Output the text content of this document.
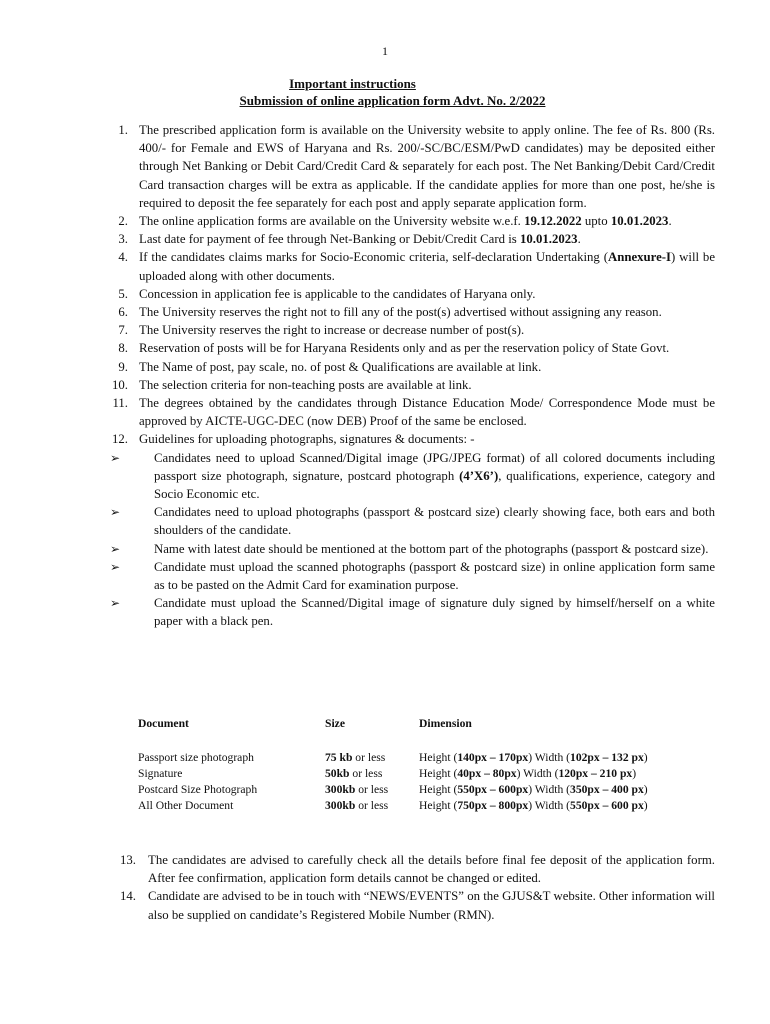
1
Important instructions
Submission of online application form Advt. No. 2/2022
1. The prescribed application form is available on the University website to apply online. The fee of Rs. 800 (Rs. 400/- for Female and EWS of Haryana and Rs. 200/-SC/BC/ESM/PwD candidates) may be deposited either through Net Banking or Debit Card/Credit Card & separately for each post. The Net Banking/Debit Card/Credit Card transaction charges will be extra as applicable. If the candidate applies for more than one post, he/she is required to deposit the fee separately for each post and apply separate application form.
2. The online application forms are available on the University website w.e.f. 19.12.2022 upto 10.01.2023.
3. Last date for payment of fee through Net-Banking or Debit/Credit Card is 10.01.2023.
4. If the candidates claims marks for Socio-Economic criteria, self-declaration Undertaking (Annexure-I) will be uploaded along with other documents.
5. Concession in application fee is applicable to the candidates of Haryana only.
6. The University reserves the right not to fill any of the post(s) advertised without assigning any reason.
7. The University reserves the right to increase or decrease number of post(s).
8. Reservation of posts will be for Haryana Residents only and as per the reservation policy of State Govt.
9. The Name of post, pay scale, no. of post & Qualifications are available at link.
10. The selection criteria for non-teaching posts are available at link.
11. The degrees obtained by the candidates through Distance Education Mode/ Correspondence Mode must be approved by AICTE-UGC-DEC (now DEB) Proof of the same be enclosed.
12. Guidelines for uploading photographs, signatures & documents: -
➢	Candidates need to upload Scanned/Digital image (JPG/JPEG format) of all colored documents including passport size photograph, signature, postcard photograph (4’X6’), qualifications, experience, category and Socio Economic etc.
➢	Candidates need to upload photographs (passport & postcard size) clearly showing face, both ears and both shoulders of the candidate.
➢	Name with latest date should be mentioned at the bottom part of the photographs (passport & postcard size).
➢	Candidate must upload the scanned photographs (passport & postcard size) in online application form same as to be pasted on the Admit Card for examination purpose.
➢	Candidate must upload the Scanned/Digital image of signature duly signed by himself/herself on a white paper with a black pen.
Document	Size	Dimension
Passport size photograph	75 kb or less	Height (140px – 170px) Width (102px – 132 px)
Signature	50kb or less	Height (40px – 80px) Width (120px – 210 px)
Postcard Size Photograph	300kb or less	Height (550px – 600px) Width (350px – 400 px)
All Other Document	300kb or less	Height (750px – 800px) Width (550px – 600 px)
13. The candidates are advised to carefully check all the details before final fee deposit of the application form. After fee confirmation, application form details cannot be changed or edited.
14. Candidate are advised to be in touch with “NEWS/EVENTS” on the GJUS&T website. Other information will also be supplied on candidate’s Registered Mobile Number (RMN).
